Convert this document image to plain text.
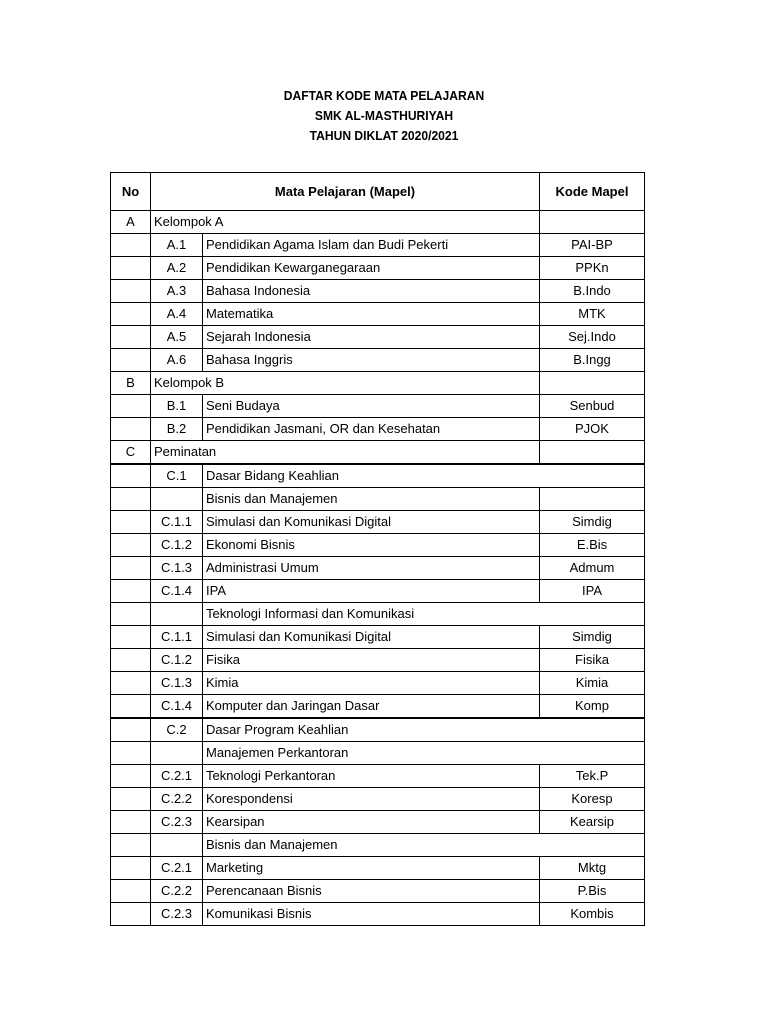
DAFTAR KODE MATA PELAJARAN
SMK AL-MASTHURIYAH
TAHUN DIKLAT 2020/2021
No	Mata Pelajaran (Mapel)		Kode Mapel
A	Kelompok A		
	A.1	Pendidikan Agama Islam dan Budi Pekerti	PAI-BP
	A.2	Pendidikan Kewarganegaraan	PPKn
	A.3	Bahasa Indonesia	B.Indo
	A.4	Matematika	MTK
	A.5	Sejarah Indonesia	Sej.Indo
	A.6	Bahasa Inggris	B.Ingg
B	Kelompok B		
	B.1	Seni Budaya	Senbud
	B.2	Pendidikan Jasmani, OR dan Kesehatan	PJOK
C	Peminatan		
	C.1	Dasar Bidang Keahlian	
		Bisnis dan Manajemen	
	C.1.1	Simulasi dan Komunikasi Digital	Simdig
	C.1.2	Ekonomi Bisnis	E.Bis
	C.1.3	Administrasi Umum	Admum
	C.1.4	IPA	IPA
		Teknologi Informasi dan Komunikasi	
	C.1.1	Simulasi dan Komunikasi Digital	Simdig
	C.1.2	Fisika	Fisika
	C.1.3	Kimia	Kimia
	C.1.4	Komputer dan Jaringan Dasar	Komp
	C.2	Dasar Program Keahlian	
		Manajemen Perkantoran	
	C.2.1	Teknologi Perkantoran	Tek.P
	C.2.2	Korespondensi	Koresp
	C.2.3	Kearsipan	Kearsip
		Bisnis dan Manajemen	
	C.2.1	Marketing	Mktg
	C.2.2	Perencanaan Bisnis	P.Bis
	C.2.3	Komunikasi Bisnis	Kombis
